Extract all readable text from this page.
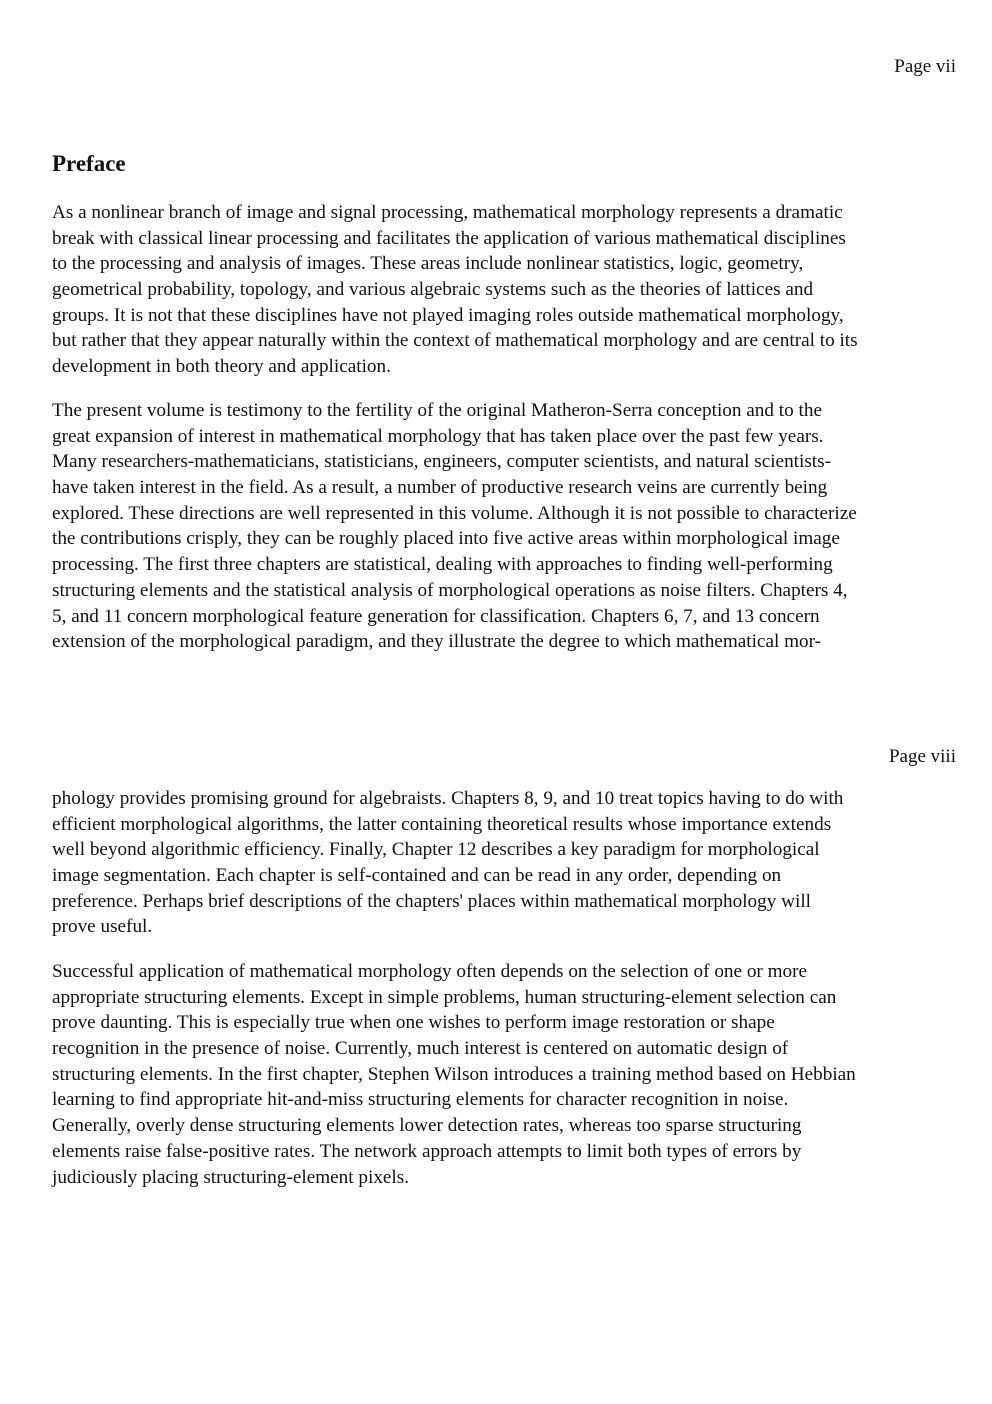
Page vii

Preface
As a nonlinear branch of image and signal processing, mathematical morphology represents a dramatic
break with classical linear processing and facilitates the application of various mathematical disciplines
to the processing and analysis of images. These areas include nonlinear statistics, logic, geometry,
geometrical probability, topology, and various algebraic systems such as the theories of lattices and
groups. It is not that these disciplines have not played imaging roles outside mathematical morphology,
but rather that they appear naturally within the context of mathematical morphology and are central to its
development in both theory and application.
The present volume is testimony to the fertility of the original Matheron-Serra conception and to the
great expansion of interest in mathematical morphology that has taken place over the past few years.
Many researchers-mathematicians, statisticians, engineers, computer scientists, and natural scientists-
have taken interest in the field. As a result, a number of productive research veins are currently being
explored. These directions are well represented in this volume. Although it is not possible to characterize
the contributions crisply, they can be roughly placed into five active areas within morphological image
processing. The first three chapters are statistical, dealing with approaches to finding well-performing
structuring elements and the statistical analysis of morphological operations as noise filters. Chapters 4,
5, and 11 concern morphological feature generation for classification. Chapters 6, 7, and 13 concern
extension of the morphological paradigm, and they illustrate the degree to which mathematical mor-

Page viii

phology provides promising ground for algebraists. Chapters 8, 9, and 10 treat topics having to do with
efficient morphological algorithms, the latter containing theoretical results whose importance extends
well beyond algorithmic efficiency. Finally, Chapter 12 describes a key paradigm for morphological
image segmentation. Each chapter is self-contained and can be read in any order, depending on
preference. Perhaps brief descriptions of the chapters' places within mathematical morphology will
prove useful.
Successful application of mathematical morphology often depends on the selection of one or more
appropriate structuring elements. Except in simple problems, human structuring-element selection can
prove daunting. This is especially true when one wishes to perform image restoration or shape
recognition in the presence of noise. Currently, much interest is centered on automatic design of
structuring elements. In the first chapter, Stephen Wilson introduces a training method based on Hebbian
learning to find appropriate hit-and-miss structuring elements for character recognition in noise.
Generally, overly dense structuring elements lower detection rates, whereas too sparse structuring
elements raise false-positive rates. The network approach attempts to limit both types of errors by
judiciously placing structuring-element pixels.
